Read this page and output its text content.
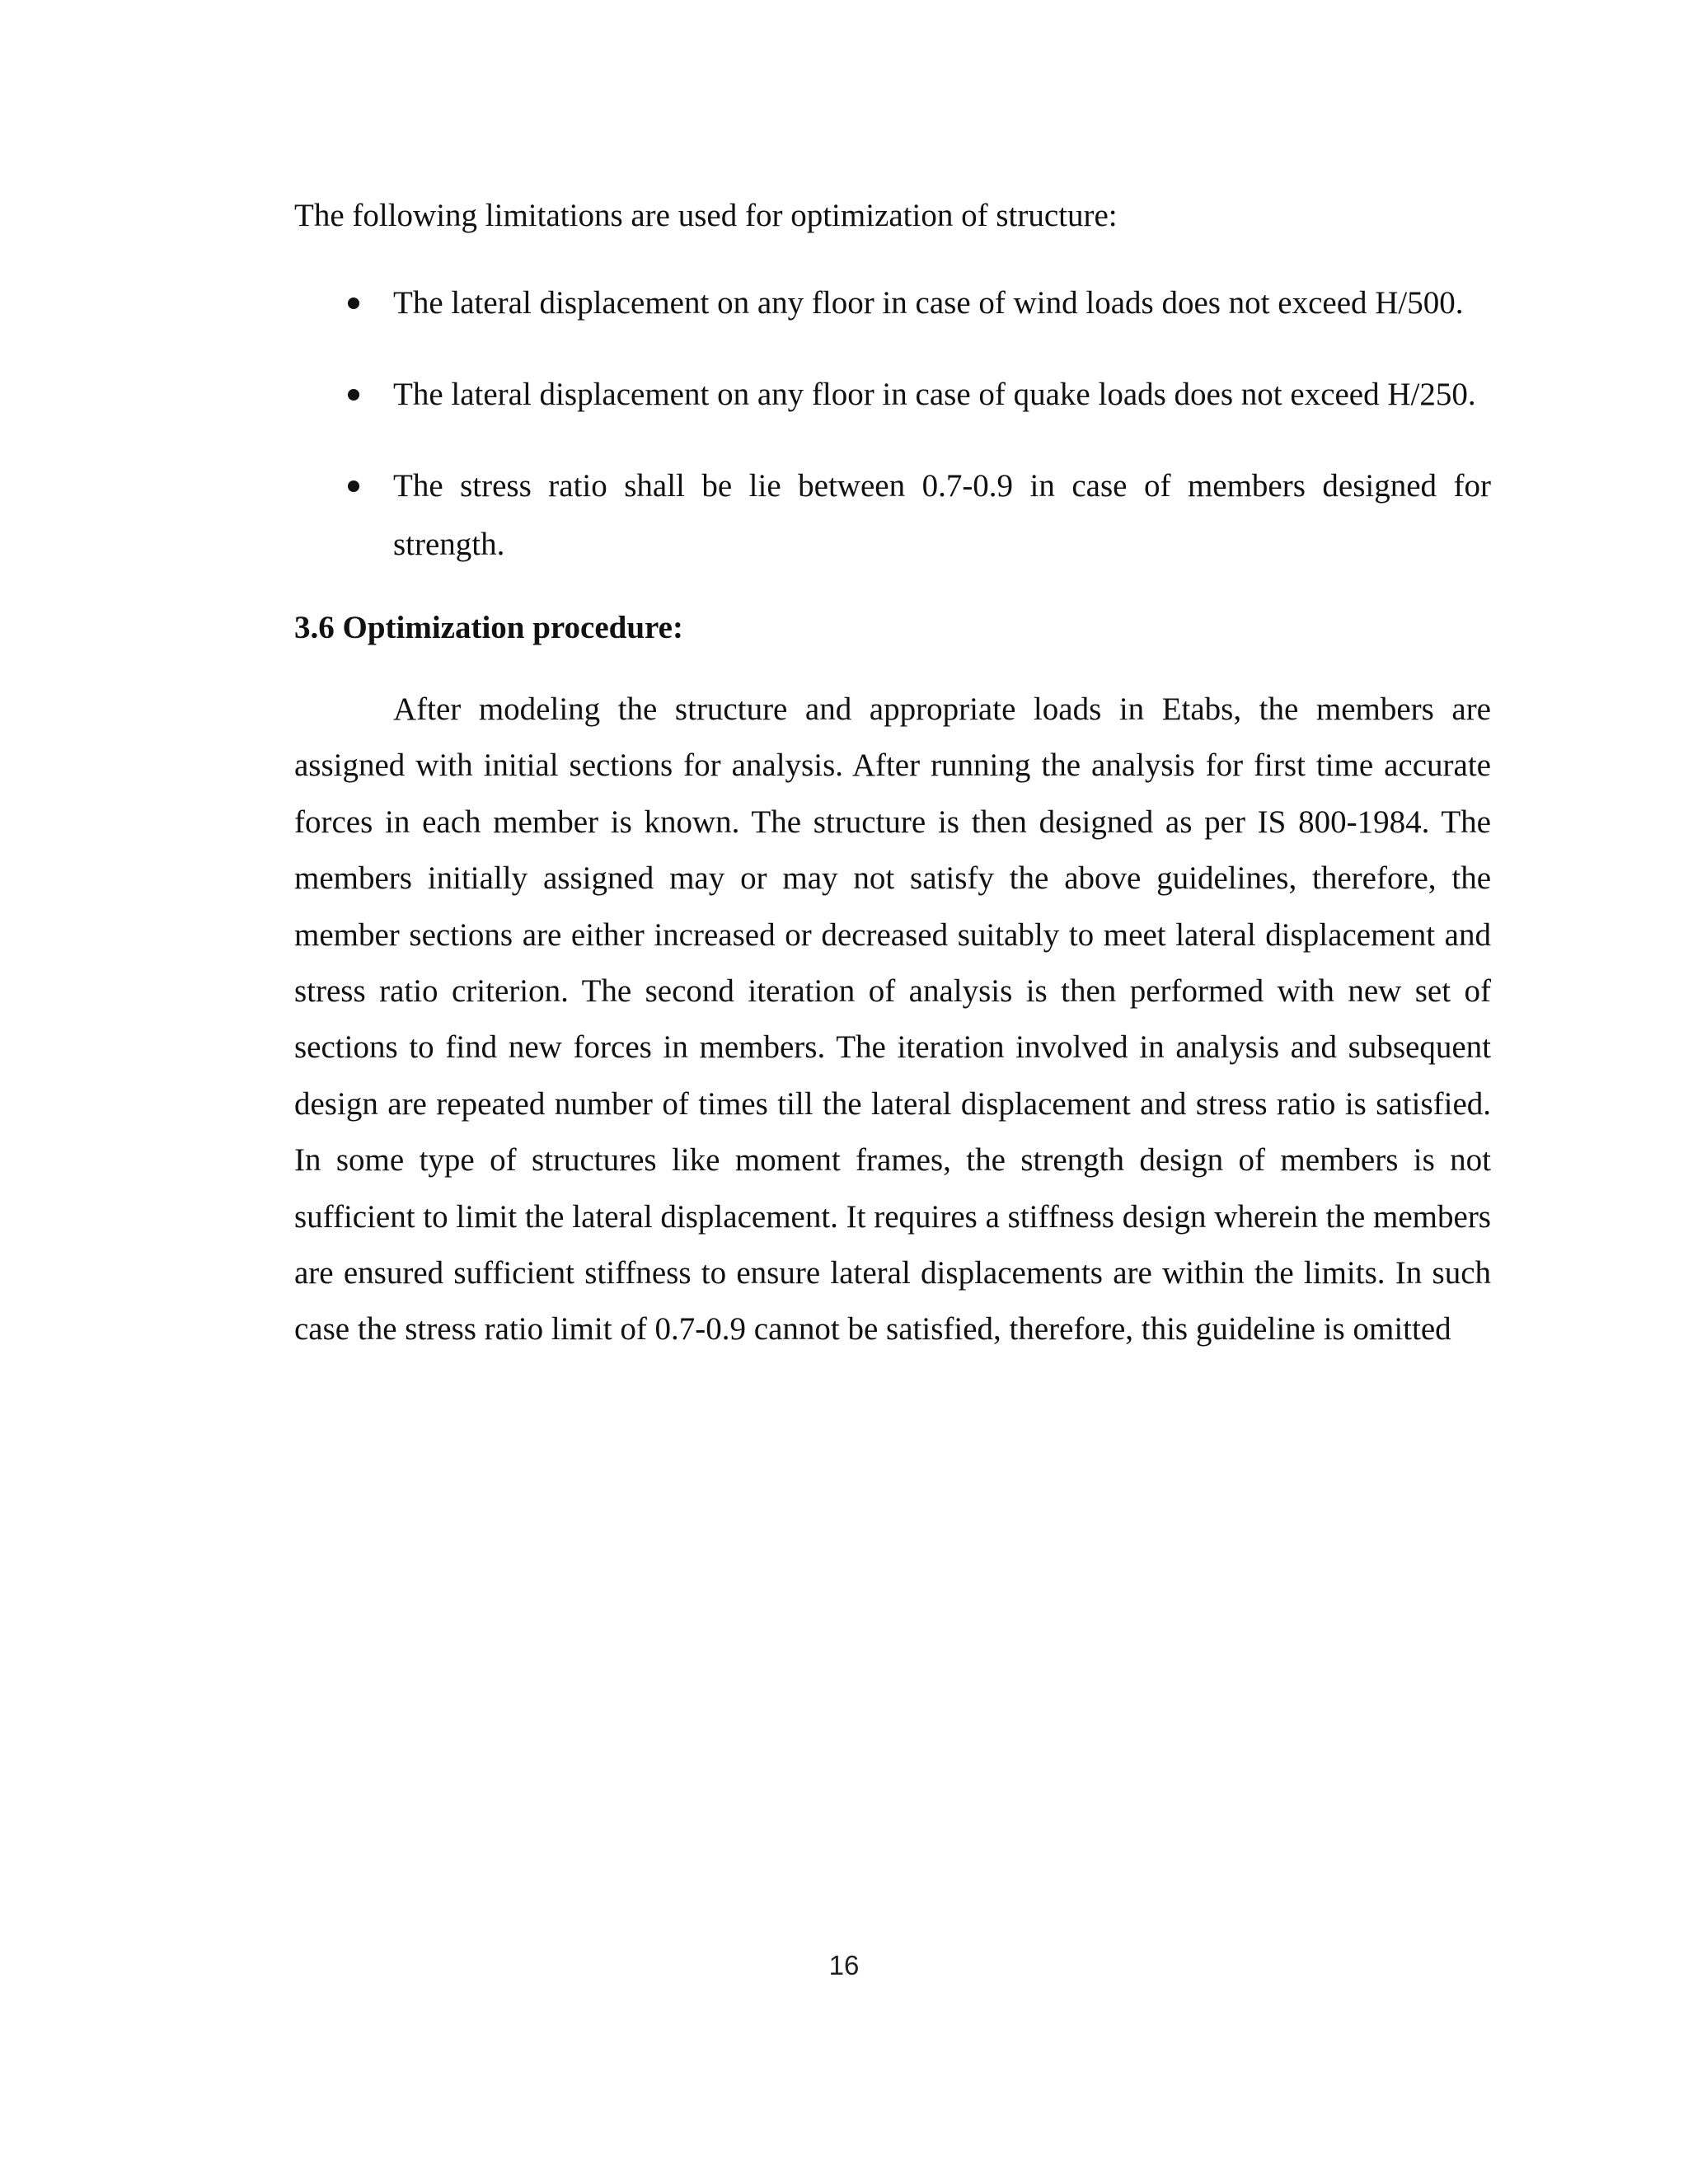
The following limitations are used for optimization of structure:
The lateral displacement on any floor in case of wind loads does not exceed H/500.
The lateral displacement on any floor in case of quake loads does not exceed H/250.
The stress ratio shall be lie between 0.7-0.9 in case of members designed for strength.
3.6 Optimization procedure:

After modeling the structure and appropriate loads in Etabs, the members are assigned with initial sections for analysis. After running the analysis for first time accurate forces in each member is known. The structure is then designed as per IS 800-1984. The members initially assigned may or may not satisfy the above guidelines, therefore, the member sections are either increased or decreased suitably to meet lateral displacement and stress ratio criterion. The second iteration of analysis is then performed with new set of sections to find new forces in members. The iteration involved in analysis and subsequent design are repeated number of times till the lateral displacement and stress ratio is satisfied. In some type of structures like moment frames, the strength design of members is not sufficient to limit the lateral displacement. It requires a stiffness design wherein the members are ensured sufficient stiffness to ensure lateral displacements are within the limits. In such case the stress ratio limit of 0.7-0.9 cannot be satisfied, therefore, this guideline is omitted

16
